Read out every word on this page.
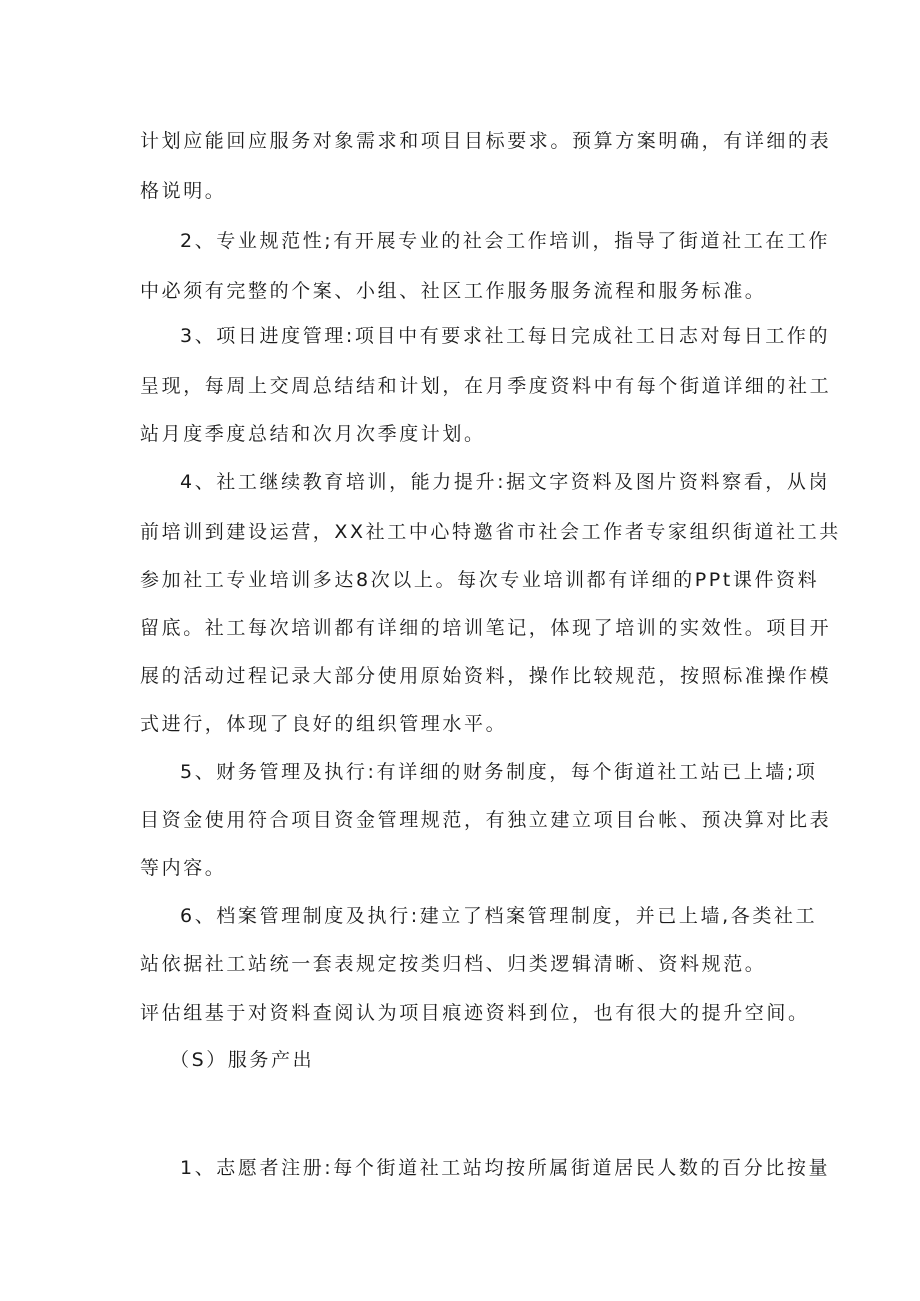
计划应能回应服务对象需求和项目目标要求。预算方案明确，有详细的表
格说明。
2、专业规范性;有开展专业的社会工作培训，指导了街道社工在工作
中必须有完整的个案、小组、社区工作服务服务流程和服务标准。
3、项日进度管理:项目中有要求社工每日完成社工日志对每日工作的
呈现，每周上交周总结结和计划，在月季度资料中有每个街道详细的社工
站月度季度总结和次月次季度计划。
4、社工继续教育培训，能力提升:据文字资料及图片资料察看，从岗
前培训到建设运营，XX社工中心特邀省市社会工作者专家组织街道社工共
参加社工专业培训多达8次以上。每次专业培训都有详细的PPt课件资料
留底。社工每次培训都有详细的培训笔记，体现了培训的实效性。项目开
展的活动过程记录大部分使用原始资料，操作比较规范，按照标准操作模
式进行，体现了良好的组织管理水平。
5、财务管理及执行:有详细的财务制度，每个街道社工站已上墙;项
目资金使用符合项目资金管理规范，有独立建立项目台帐、预决算对比表
等内容。
6、档案管理制度及执行:建立了档案管理制度，并已上墙,各类社工
站依据社工站统一套表规定按类归档、归类逻辑清晰、资料规范。
评估组基于对资料查阅认为项目痕迹资料到位，也有很大的提升空间。
（S）服务产出
1、志愿者注册:每个街道社工站均按所属街道居民人数的百分比按量
